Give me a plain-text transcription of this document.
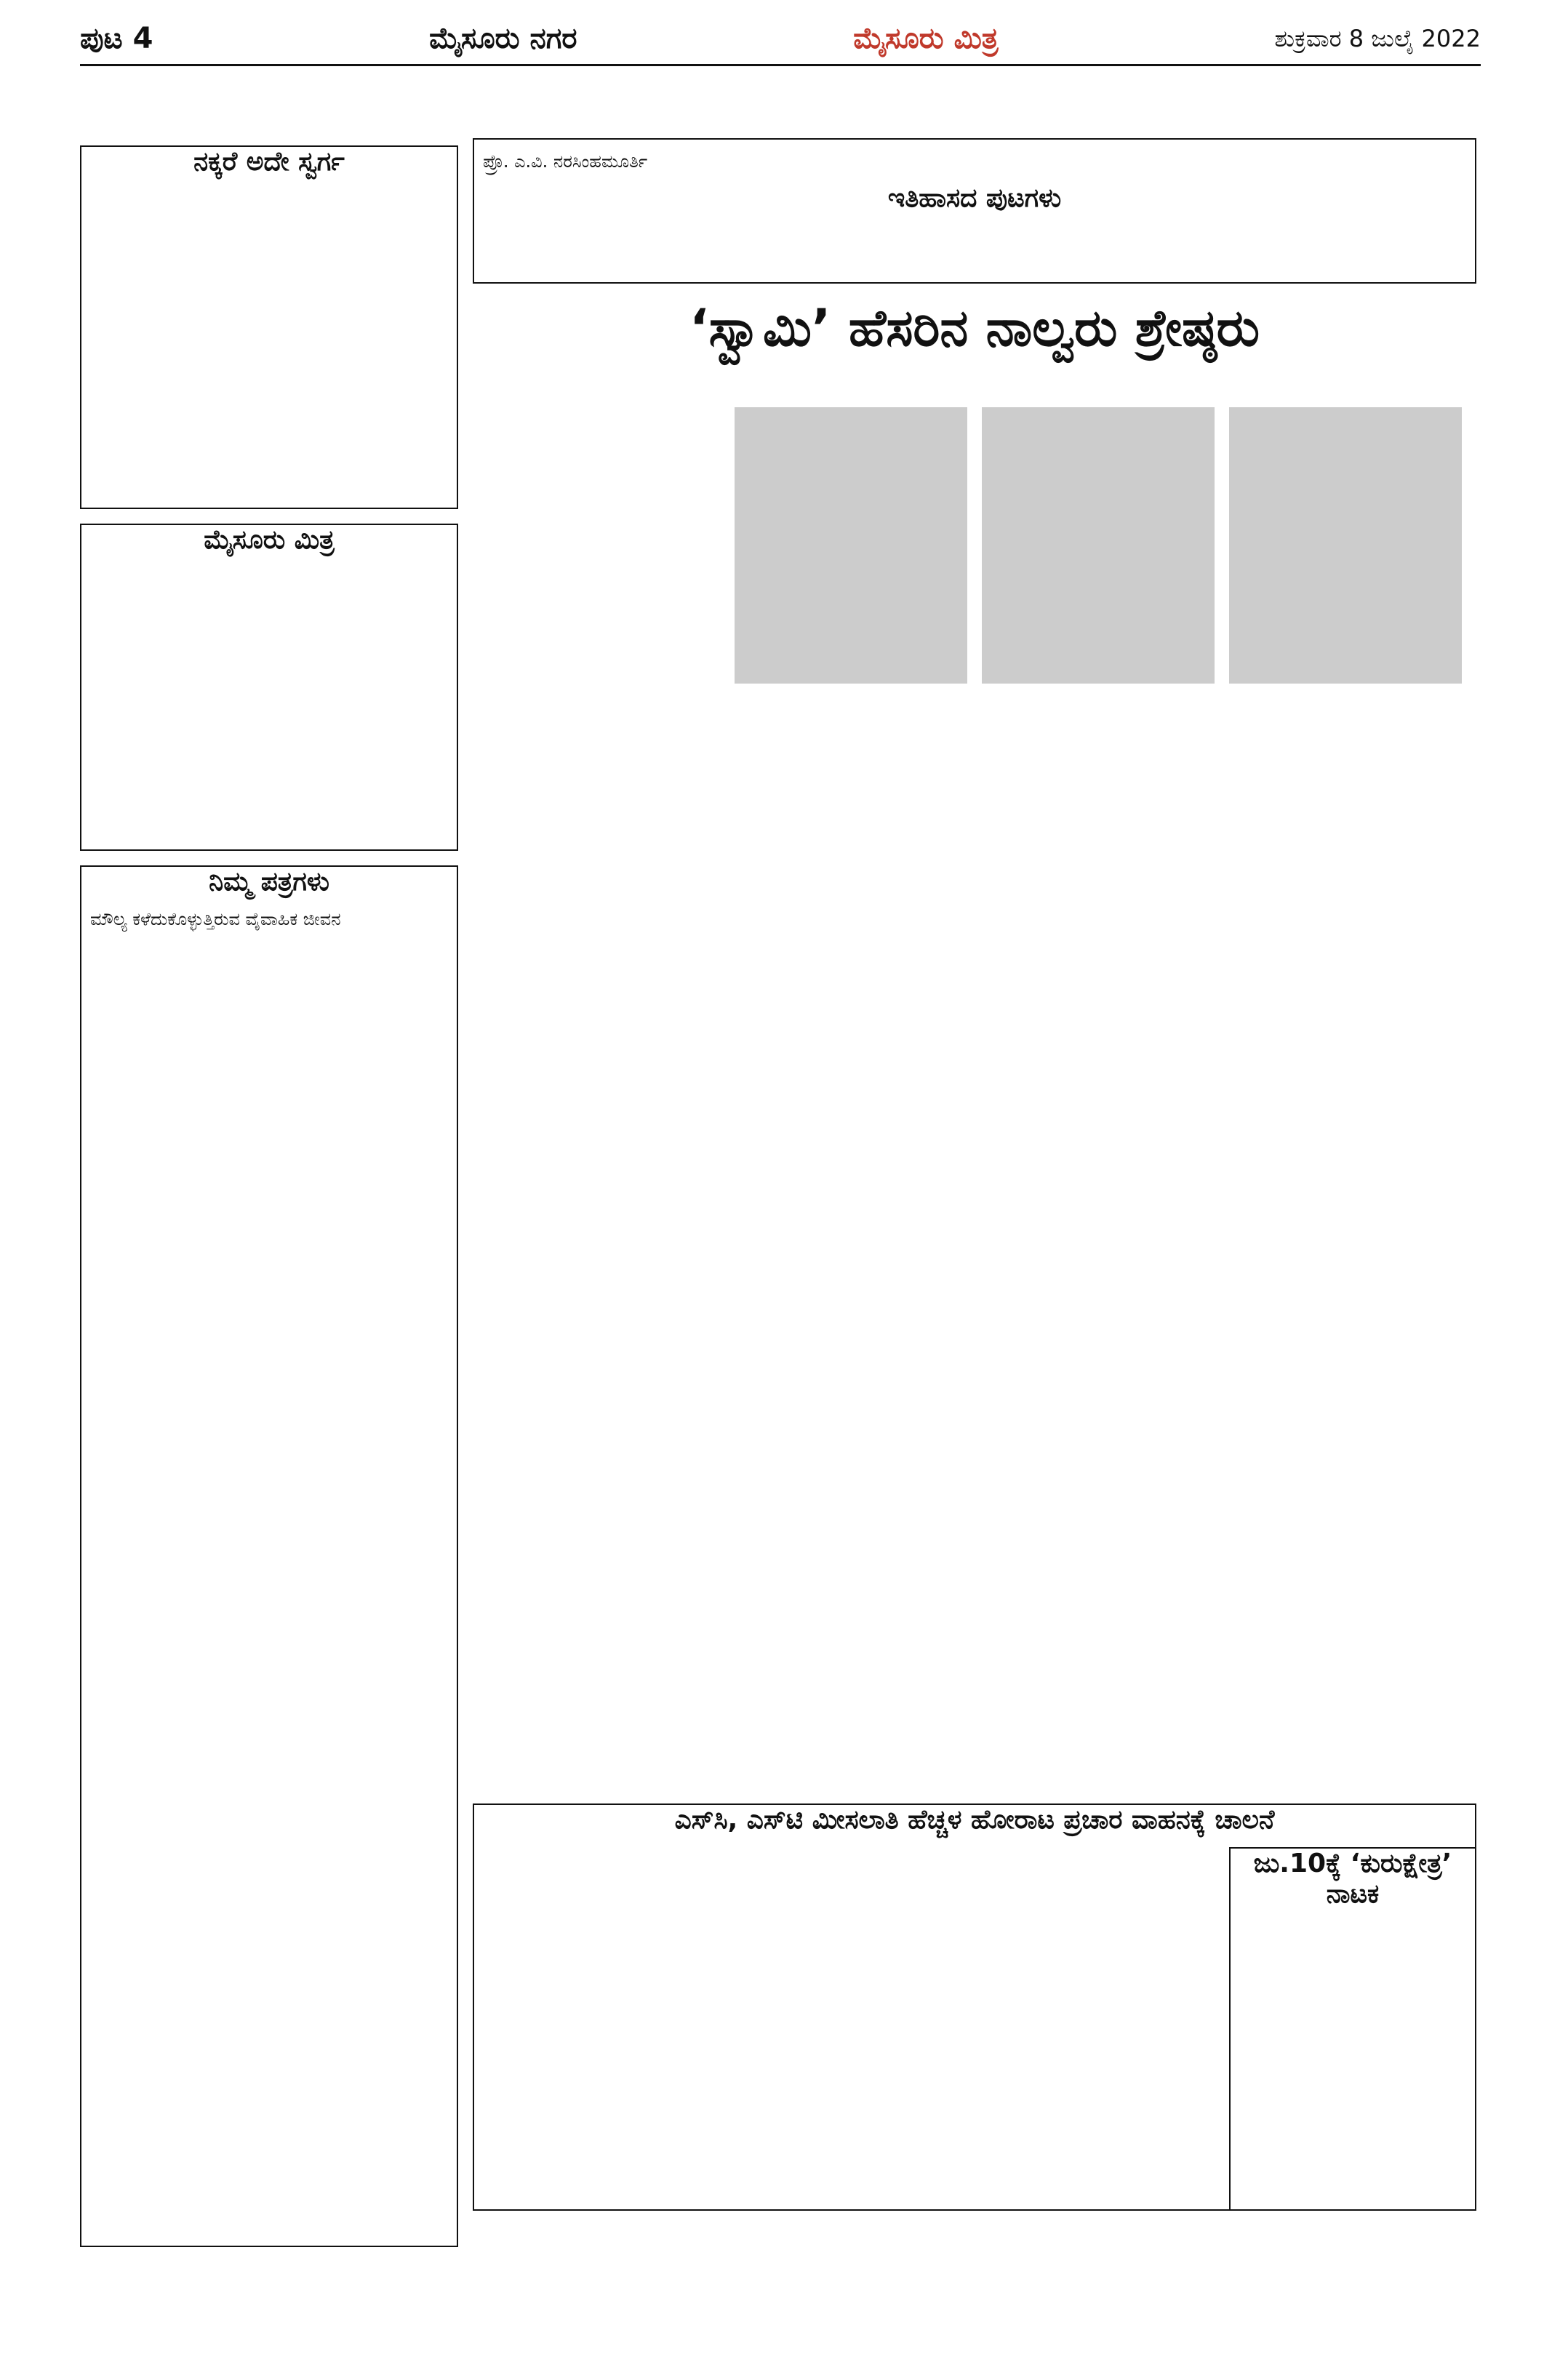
ಪುಟ 4	ಮೈಸೂರು ನಗರ	ಮೈಸೂರು ಮಿತ್ರ	ಶುಕ್ರವಾರ 8 ಜುಲೈ 2022
ನಕ್ಕರೆ ಅದೇ ಸ್ವರ್ಗ
ಮೈಸೂರು ಮಿತ್ರ
ನಿಮ್ಮ ಪತ್ರಗಳು
ಮೌಲ್ಯ ಕಳೆದುಕೊಳ್ಳುತ್ತಿರುವ ವೈವಾಹಿಕ ಜೀವನ
ಪ್ರೊ. ಎ.ವಿ. ನರಸಿಂಹಮೂರ್ತಿ
ಇತಿಹಾಸದ ಪುಟಗಳು
‘ಸ್ವಾಮಿ’ ಹೆಸರಿನ ನಾಲ್ವರು ಶ್ರೇಷ್ಠರು
ಎಸ್‌ಸಿ, ಎಸ್‌ಟಿ ಮೀಸಲಾತಿ ಹೆಚ್ಚಳ ಹೋರಾಟ ಪ್ರಚಾರ ವಾಹನಕ್ಕೆ ಚಾಲನೆ
ಜು.10ಕ್ಕೆ ‘ಕುರುಕ್ಷೇತ್ರ’ ನಾಟಕ
